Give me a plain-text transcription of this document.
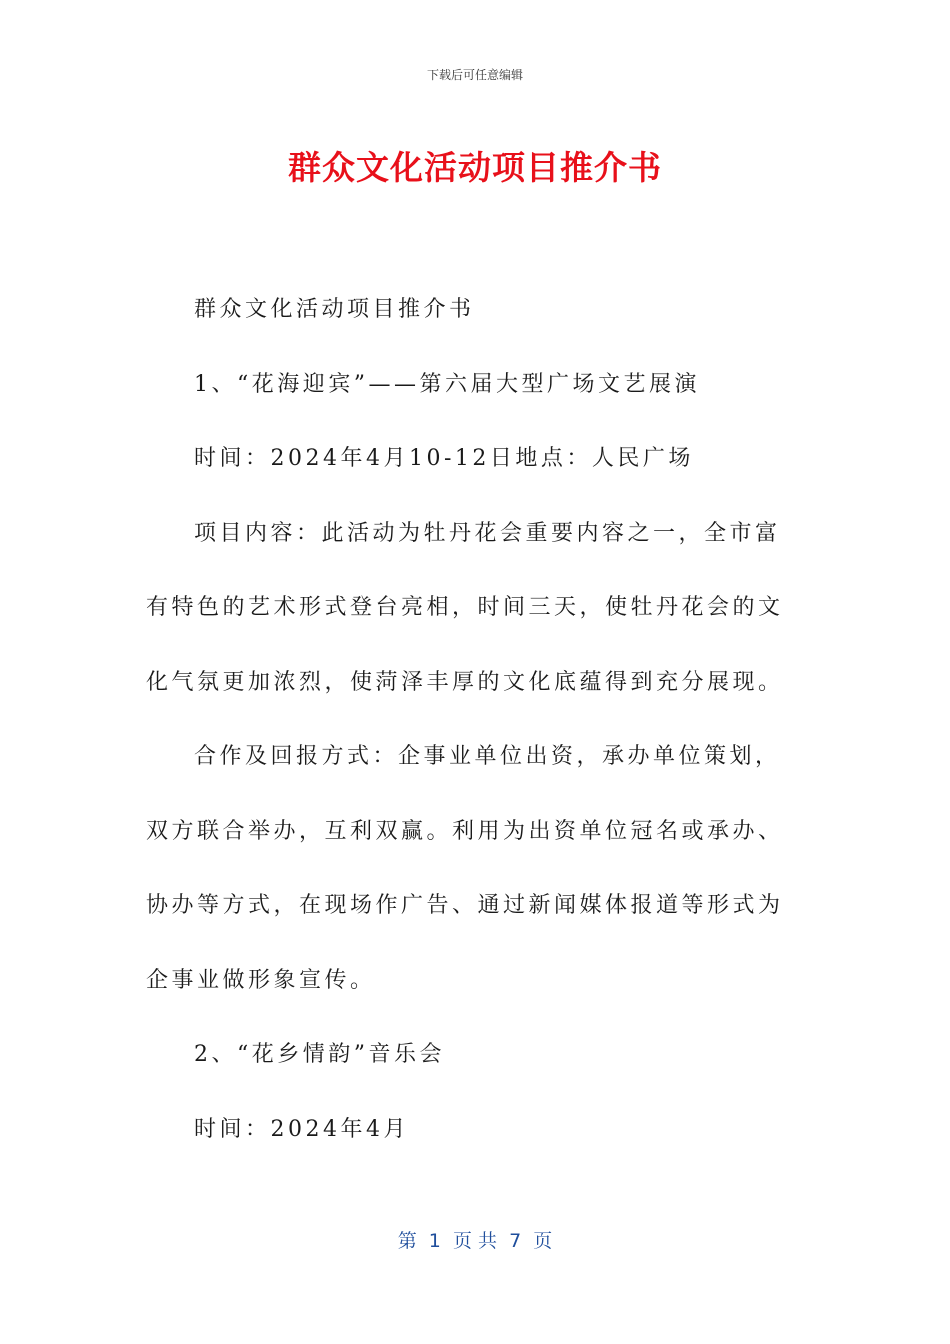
下载后可任意编辑
群众文化活动项目推介书

群众文化活动项目推介书

1、“花海迎宾”——第六届大型广场文艺展演

时间：2024年4月10-12日地点：人民广场

项目内容：此活动为牡丹花会重要内容之一，全市富有特色的艺术形式登台亮相，时间三天，使牡丹花会的文化气氛更加浓烈，使菏泽丰厚的文化底蕴得到充分展现。

合作及回报方式：企事业单位出资，承办单位策划，双方联合举办，互利双赢。利用为出资单位冠名或承办、协办等方式，在现场作广告、通过新闻媒体报道等形式为企事业做形象宣传。

2、“花乡情韵”音乐会

时间：2024年4月

第  1  页 共  7  页
